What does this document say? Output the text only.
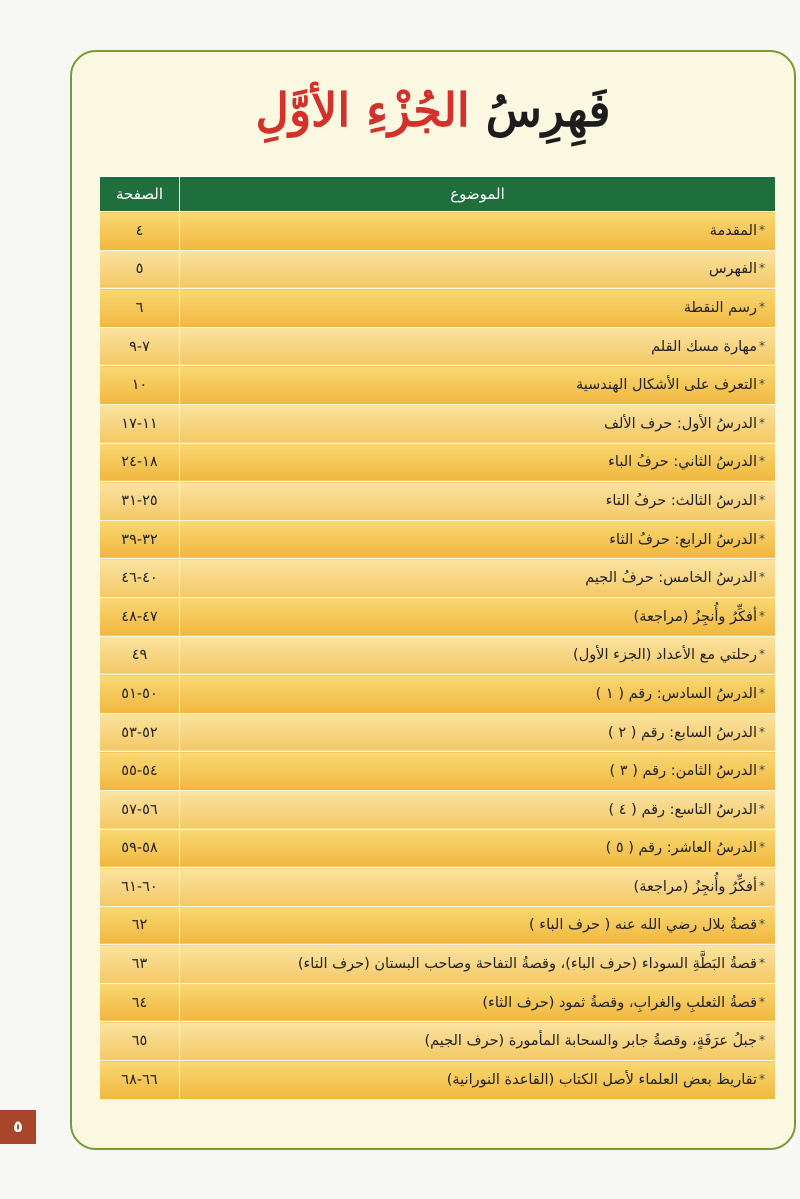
فَهِرِسُ الجُزْءِ الأوَّلِ
الموضوع	الصفحة
*المقدمة	٤
*الفهرس	٥
*رسم النقطة	٦
*مهارة مسك القلم	٧-٩
*التعرف على الأشكال الهندسية	١٠
*الدرسُ الأول: حرف الألف	١١-١٧
*الدرسُ الثاني: حرفُ الباء	١٨-٢٤
*الدرسُ الثالث: حرفُ التاء	٢٥-٣١
*الدرسُ الرابع: حرفُ الثاء	٣٢-٣٩
*الدرسُ الخامس: حرفُ الجيم	٤٠-٤٦
*أفكِّرُ وأُنجِزُ (مراجعة)	٤٧-٤٨
*رحلتي مع الأعداد (الجزء الأول)	٤٩
*الدرسُ السادس: رقم ( ١ )	٥٠-٥١
*الدرسُ السابع: رقم ( ٢ )	٥٢-٥٣
*الدرسُ الثامن: رقم ( ٣ )	٥٤-٥٥
*الدرسُ التاسع: رقم ( ٤ )	٥٦-٥٧
*الدرسُ العاشر: رقم ( ٥ )	٥٨-٥٩
*أفكِّرُ وأُنجِزُ (مراجعة)	٦٠-٦١
*قصةُ بلال رضي الله عنه ( حرف الباء )	٦٢
*قصةُ البَطَّةِ السوداء (حرف الباء)، وقصةُ التفاحة وصاحب البستان (حرف التاء)	٦٣
*قصةُ الثعلبِ والغرابِ، وقصةُ ثمود (حرف الثاء)	٦٤
*جبلُ عرَفَةٍ، وقصةُ جابر والسحابة المأمورة (حرف الجيم)	٦٥
*تقاريظ بعض العلماء لأصل الكتاب (القاعدة النورانية)	٦٦-٦٨
٥
